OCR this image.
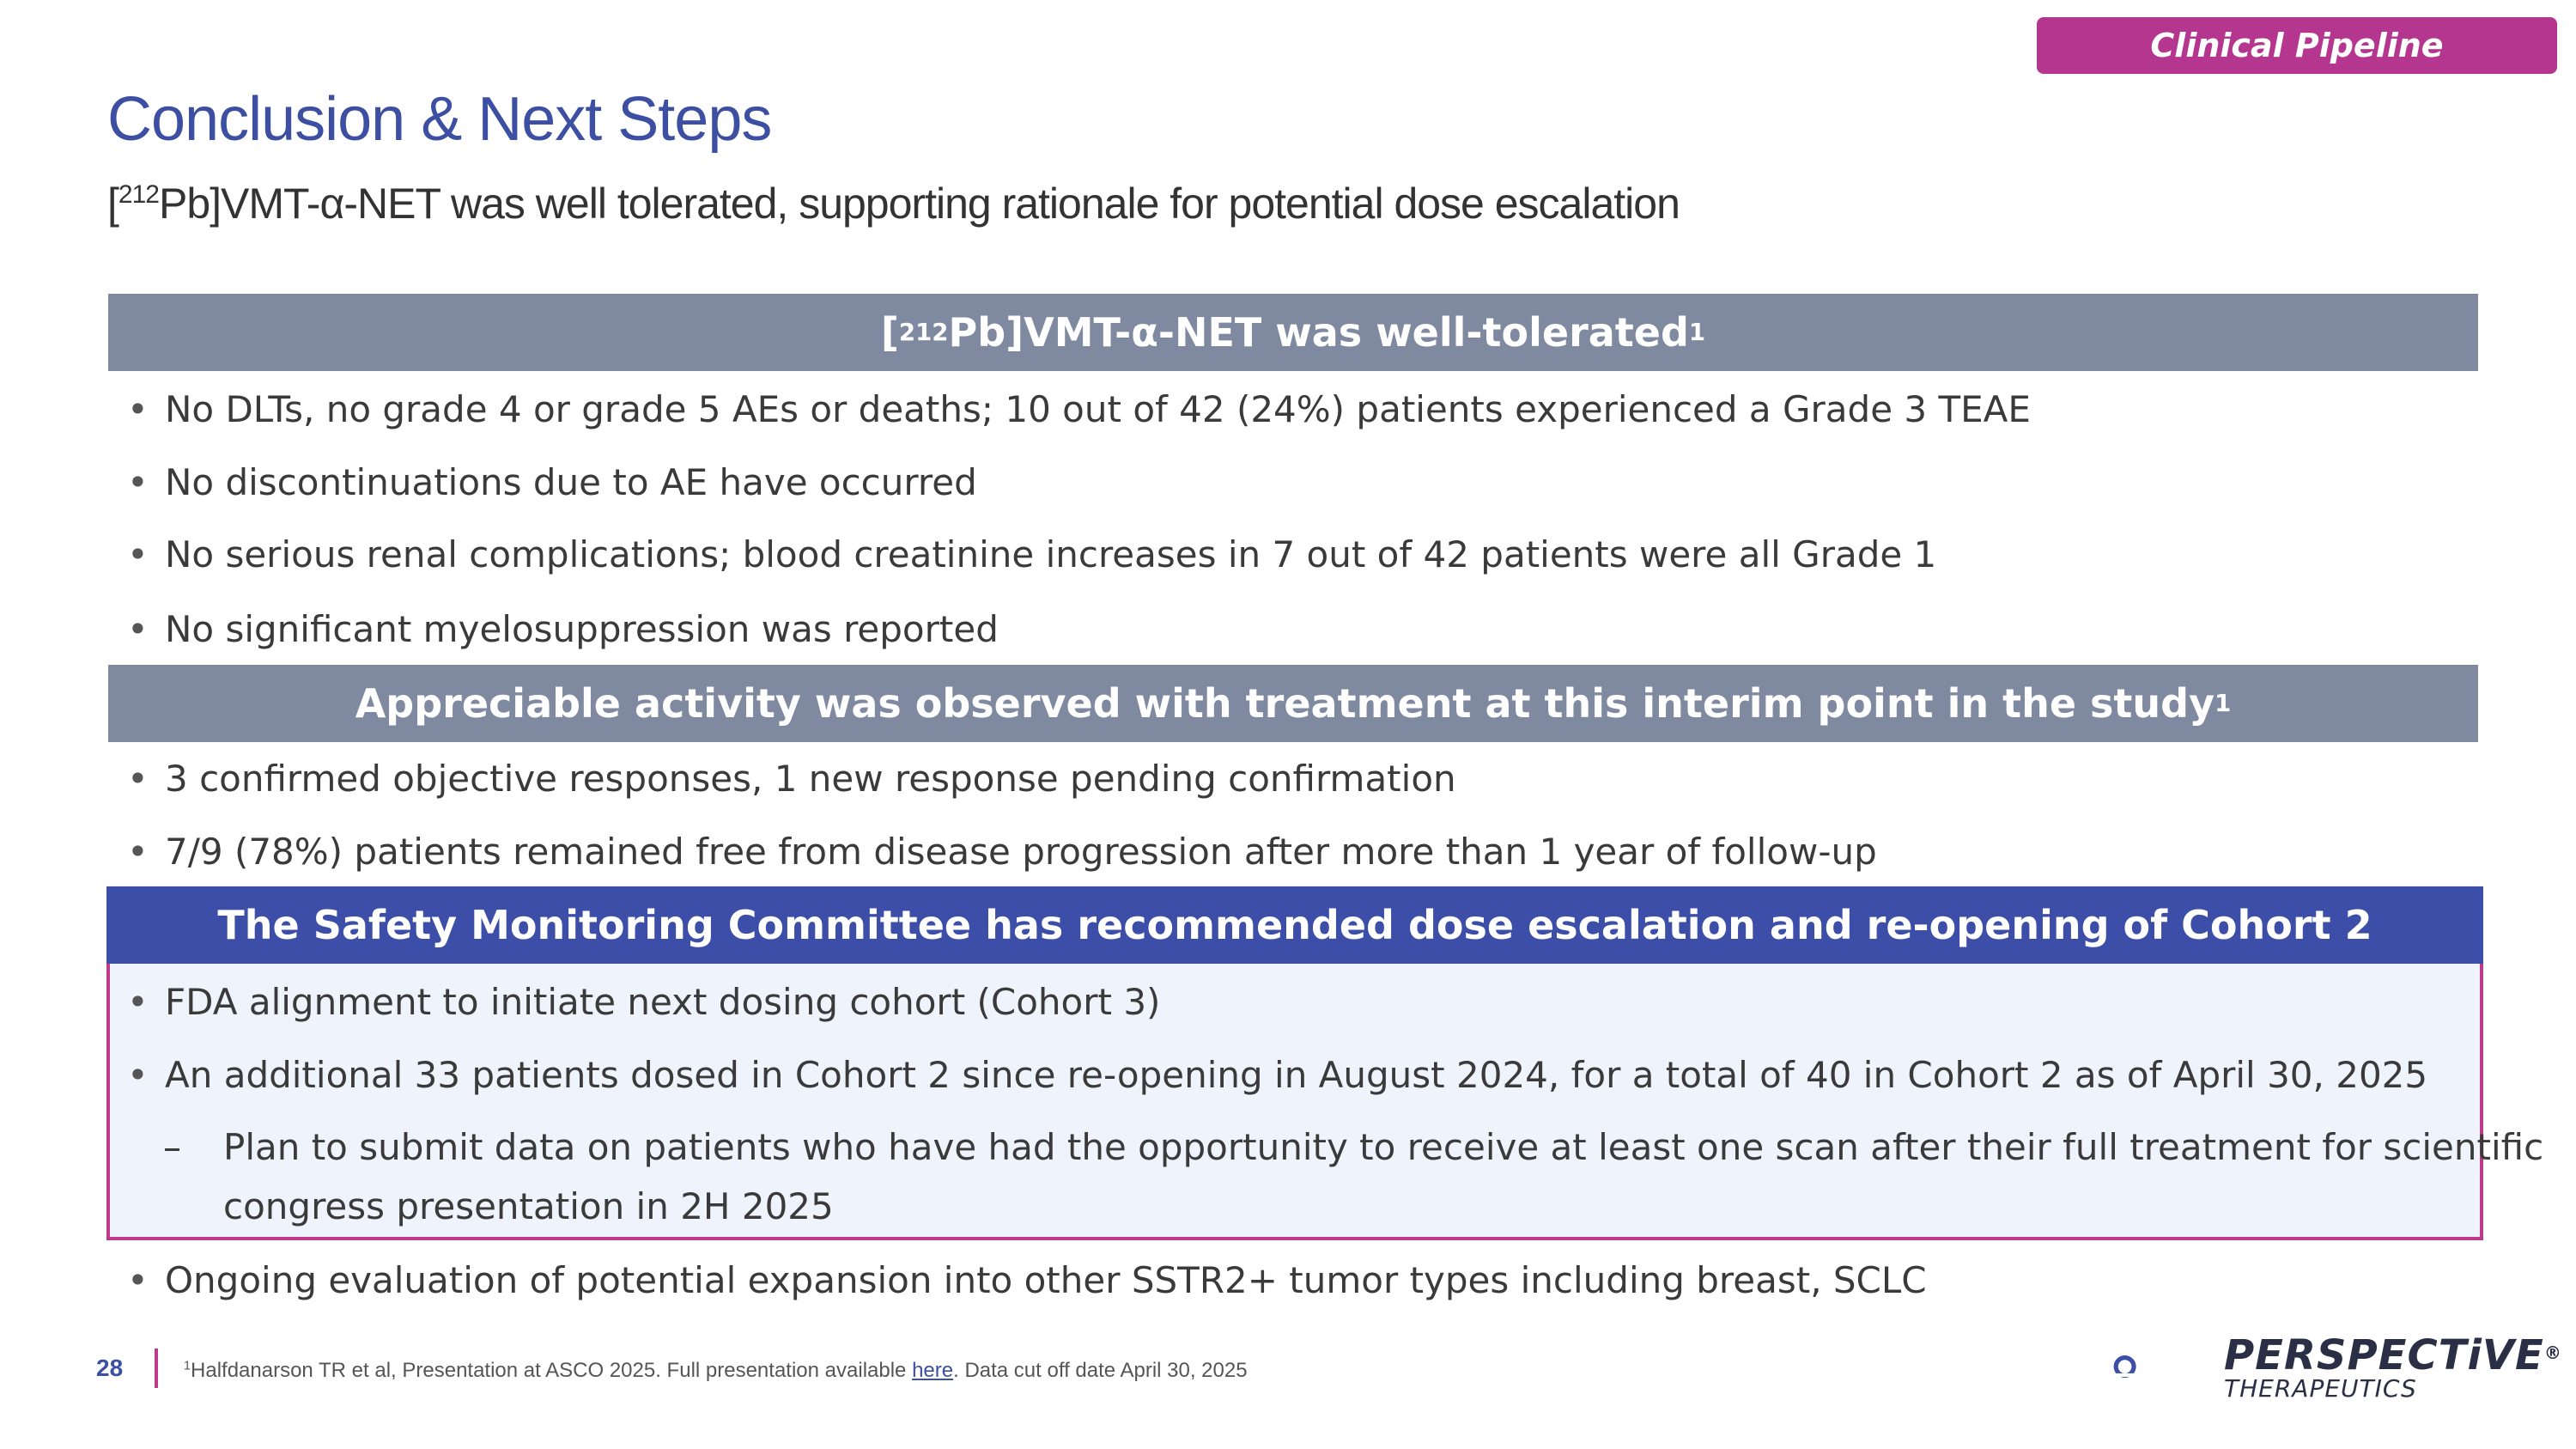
Clinical Pipeline
Conclusion & Next Steps
[$^{212}$Pb]VMT-α-NET was well tolerated, supporting rationale for potential dose escalation
[ 212 Pb]VMT-α-NET was well-tolerated 1
• No DLTs, no grade 4 or grade 5 AEs or deaths; 10 out of 42 (24%) patients experienced a Grade 3 TEAE
• No discontinuations due to AE have occurred
• No serious renal complications; blood creatinine increases in 7 out of 42 patients were all Grade 1
• No significant myelosuppression was reported
Appreciable activity was observed with treatment at this interim point in the study 1
• 3 confirmed objective responses, 1 new response pending confirmation
• 7/9 (78%) patients remained free from disease progression after more than 1 year of follow-up
The Safety Monitoring Committee has recommended dose escalation and re-opening of Cohort 2
• FDA alignment to initiate next dosing cohort (Cohort 3)
• An additional 33 patients dosed in Cohort 2 since re-opening in August 2024, for a total of 40 in Cohort 2 as of April 30, 2025
– Plan to submit data on patients who have had the opportunity to receive at least one scan after their full treatment for scientific
congress presentation in 2H 2025
• Ongoing evaluation of potential expansion into other SSTR2+ tumor types including breast, SCLC
28	$^1$Halfdanarson TR et al, Presentation at ASCO 2025. Full presentation available here. Data cut off date April 30, 2025	PERSPECTiVE®
THERAPEUTICS
